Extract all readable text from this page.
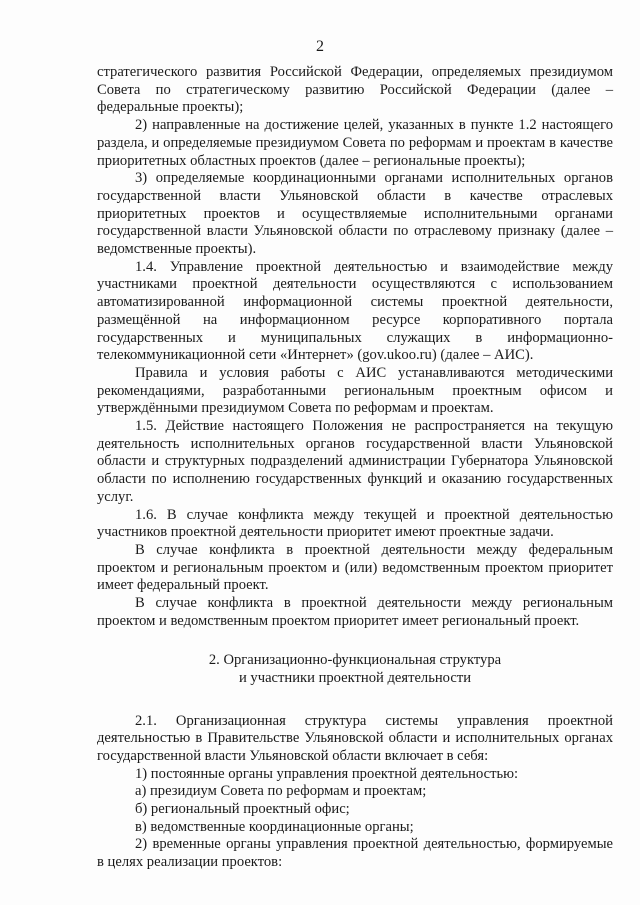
2

стратегического развития Российской Федерации, определяемых президиумом Совета по стратегическому развитию Российской Федерации (далее – федеральные проекты);

2) направленные на достижение целей, указанных в пункте 1.2 настоящего раздела, и определяемые президиумом Совета по реформам и проектам в качестве приоритетных областных проектов (далее – региональные проекты);

3) определяемые координационными органами исполнительных органов государственной власти Ульяновской области в качестве отраслевых приоритетных проектов и осуществляемые исполнительными органами государственной власти Ульяновской области по отраслевому признаку (далее – ведомственные проекты).

1.4. Управление проектной деятельностью и взаимодействие между участниками проектной деятельности осуществляются с использованием автоматизированной информационной системы проектной деятельности, размещённой на информационном ресурсе корпоративного портала государственных и муниципальных служащих в информационно-телекоммуникационной сети «Интернет» (gov.ukoo.ru) (далее – АИС).

Правила и условия работы с АИС устанавливаются методическими рекомендациями, разработанными региональным проектным офисом и утверждёнными президиумом Совета по реформам и проектам.

1.5. Действие настоящего Положения не распространяется на текущую деятельность исполнительных органов государственной власти Ульяновской области и структурных подразделений администрации Губернатора Ульяновской области по исполнению государственных функций и оказанию государственных услуг.

1.6. В случае конфликта между текущей и проектной деятельностью участников проектной деятельности приоритет имеют проектные задачи.

В случае конфликта в проектной деятельности между федеральным проектом и региональным проектом и (или) ведомственным проектом приоритет имеет федеральный проект.

В случае конфликта в проектной деятельности между региональным проектом и ведомственным проектом приоритет имеет региональный проект.

2. Организационно-функциональная структура
и участники проектной деятельности

2.1. Организационная структура системы управления проектной деятельностью в Правительстве Ульяновской области и исполнительных органах государственной власти Ульяновской области включает в себя:

1) постоянные органы управления проектной деятельностью:

а) президиум Совета по реформам и проектам;

б) региональный проектный офис;

в) ведомственные координационные органы;

2) временные органы управления проектной деятельностью, формируемые в целях реализации проектов:
